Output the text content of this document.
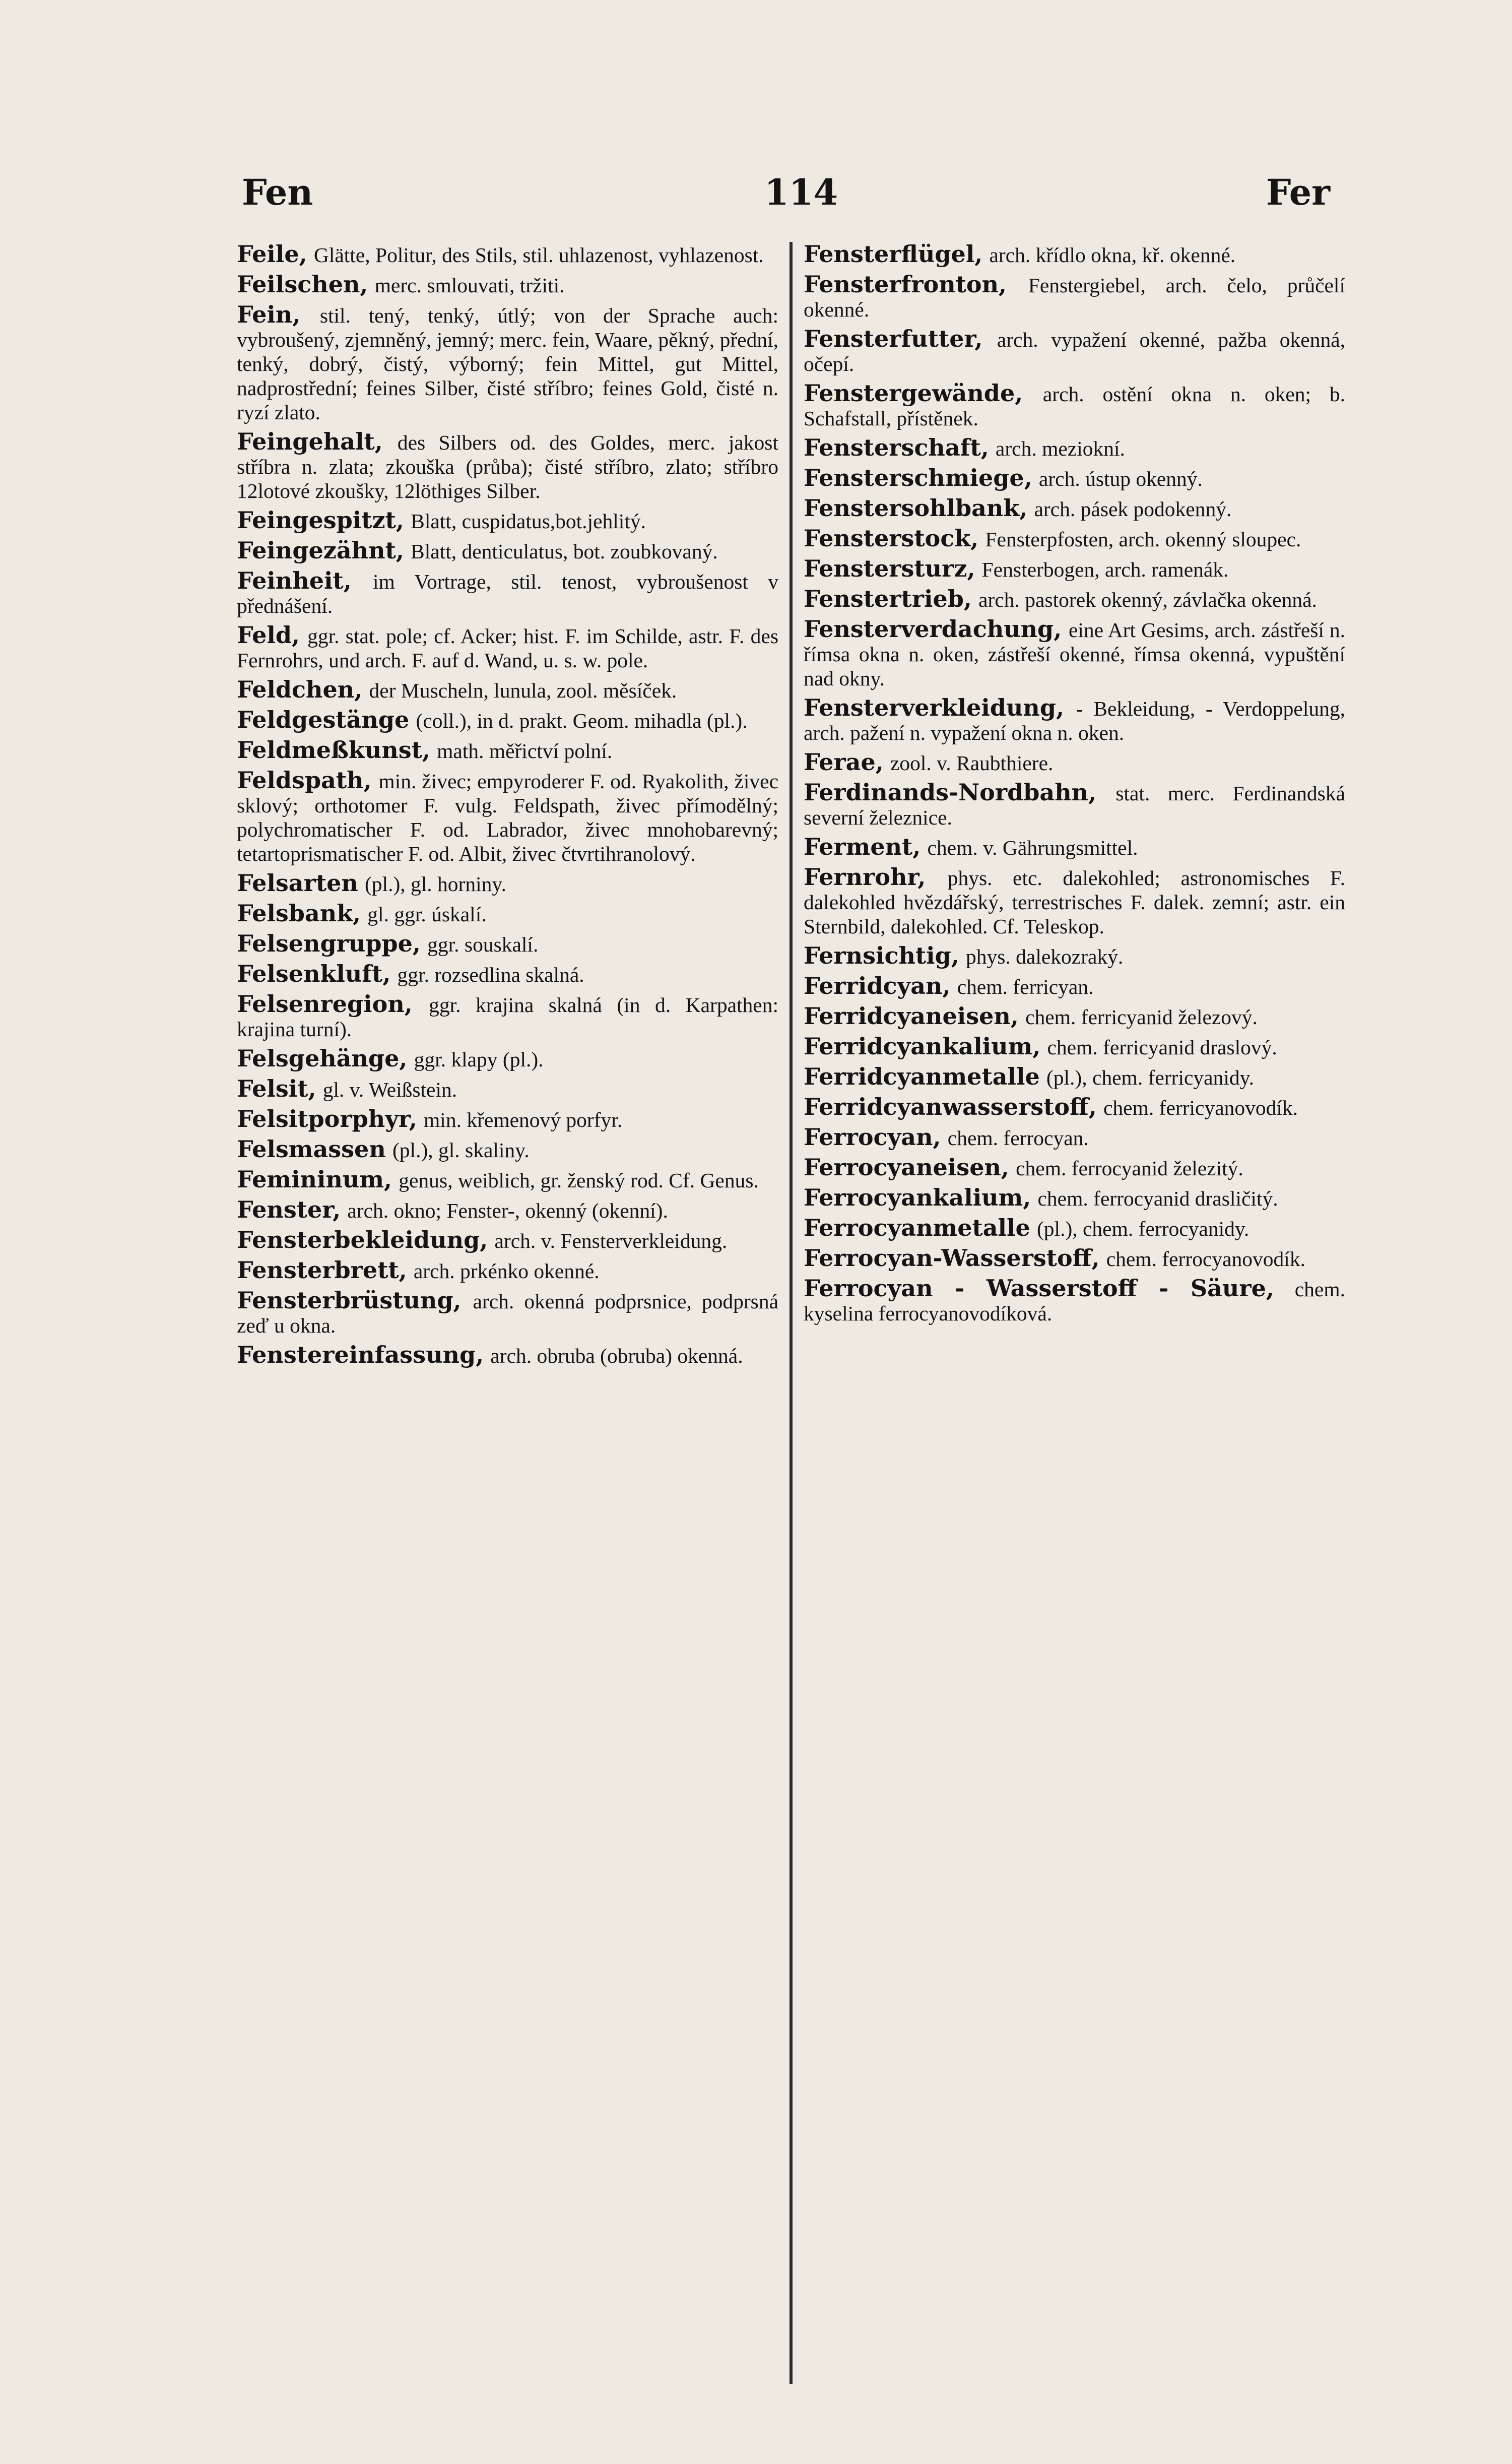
Fen	114	Fer

Feile, Glätte, Politur, des Stils, stil. uhlazenost, vyhlazenost.

Feilschen, merc. smlouvati, tržiti.

Fein, stil. tený, tenký, útlý; von der Sprache auch: vybroušený, zjemněný, jemný; merc. fein, Waare, pěkný, přední, tenký, dobrý, čistý, výborný; fein Mittel, gut Mittel, nadprostřední; feines Silber, čisté stříbro; feines Gold, čisté n. ryzí zlato.

Feingehalt, des Silbers od. des Goldes, merc. jakost stříbra n. zlata; zkouška (průba); čisté stříbro, zlato; stříbro 12lotové zkoušky, 12löthiges Silber.

Feingespitzt, Blatt, cuspidatus,bot.jehlitý.

Feingezähnt, Blatt, denticulatus, bot. zoubkovaný.

Feinheit, im Vortrage, stil. tenost, vybroušenost v přednášení.

Feld, ggr. stat. pole; cf. Acker; hist. F. im Schilde, astr. F. des Fernrohrs, und arch. F. auf d. Wand, u. s. w. pole.

Feldchen, der Muscheln, lunula, zool. měsíček.

Feldgestänge (coll.), in d. prakt. Geom. mihadla (pl.).

Feldmeßkunst, math. měřictví polní.

Feldspath, min. živec; empyroderer F. od. Ryakolith, živec sklový; orthotomer F. vulg. Feldspath, živec přímodělný; polychromatischer F. od. Labrador, živec mnohobarevný; tetartoprismatischer F. od. Albit, živec čtvrtihranolový.

Felsarten (pl.), gl. horniny.

Felsbank, gl. ggr. úskalí.

Felsengruppe, ggr. souskalí.

Felsenkluft, ggr. rozsedlina skalná.

Felsenregion, ggr. krajina skalná (in d. Karpathen: krajina turní).

Felsgehänge, ggr. klapy (pl.).

Felsit, gl. v. Weißstein.

Felsitporphyr, min. křemenový porfyr.

Felsmassen (pl.), gl. skaliny.

Femininum, genus, weiblich, gr. ženský rod. Cf. Genus.

Fenster, arch. okno; Fenster-, okenný (okenní).

Fensterbekleidung, arch. v. Fensterverkleidung.

Fensterbrett, arch. prkénko okenné.

Fensterbrüstung, arch. okenná podprsnice, podprsná zeď u okna.

Fenstereinfassung, arch. obruba (obruba) okenná.

Fensterflügel, arch. křídlo okna, kř. okenné.

Fensterfronton, Fenstergiebel, arch. čelo, průčelí okenné.

Fensterfutter, arch. vypažení okenné, pažba okenná, očepí.

Fenstergewände, arch. ostění okna n. oken; b. Schafstall, přístěnek.

Fensterschaft, arch. meziokní.

Fensterschmiege, arch. ústup okenný.

Fenstersohlbank, arch. pásek podokenný.

Fensterstock, Fensterpfosten, arch. okenný sloupec.

Fenstersturz, Fensterbogen, arch. ramenák.

Fenstertrieb, arch. pastorek okenný, závlačka okenná.

Fensterverdachung, eine Art Gesims, arch. zástřeší n. římsa okna n. oken, zástřeší okenné, římsa okenná, vypuštění nad okny.

Fensterverkleidung, - Bekleidung, - Verdoppelung, arch. pažení n. vypažení okna n. oken.

Ferae, zool. v. Raubthiere.

Ferdinands-Nordbahn, stat. merc. Ferdinandská severní železnice.

Ferment, chem. v. Gährungsmittel.

Fernrohr, phys. etc. dalekohled; astronomisches F. dalekohled hvězdářský, terrestrisches F. dalek. zemní; astr. ein Sternbild, dalekohled. Cf. Teleskop.

Fernsichtig, phys. dalekozraký.

Ferridcyan, chem. ferricyan.

Ferridcyaneisen, chem. ferricyanid železový.

Ferridcyankalium, chem. ferricyanid draslový.

Ferridcyanmetalle (pl.), chem. ferricyanidy.

Ferridcyanwasserstoff, chem. ferricyanovodík.

Ferrocyan, chem. ferrocyan.

Ferrocyaneisen, chem. ferrocyanid železitý.

Ferrocyankalium, chem. ferrocyanid drasličitý.

Ferrocyanmetalle (pl.), chem. ferrocyanidy.

Ferrocyan-Wasserstoff, chem. ferrocyanovodík.

Ferrocyan - Wasserstoff - Säure, chem. kyselina ferrocyanovodíková.
